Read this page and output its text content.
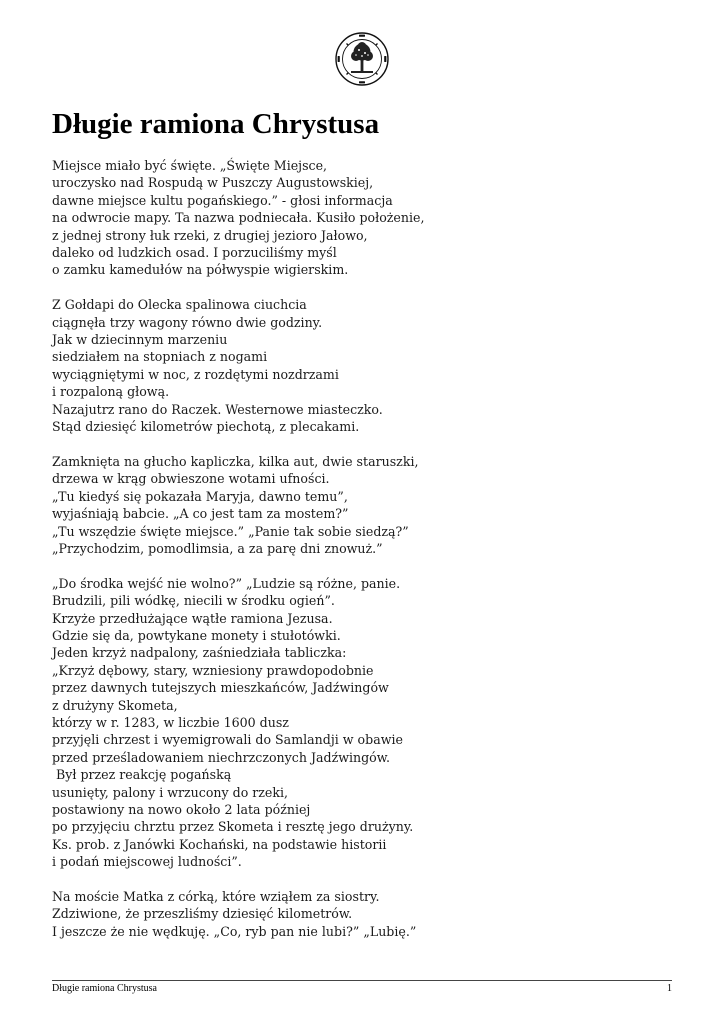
Długie ramiona Chrystusa
Miejsce miało być święte. „Święte Miejsce,
uroczysko nad Rospudą w Puszczy Augustowskiej,
dawne miejsce kultu pogańskiego.” - głosi informacja
na odwrocie mapy. Ta nazwa podniecała. Kusiło położenie,
z jednej strony łuk rzeki, z drugiej jezioro Jałowo,
daleko od ludzkich osad. I porzuciliśmy myśl
o zamku kamedułów na półwyspie wigierskim.
Z Gołdapi do Olecka spalinowa ciuchcia
ciągnęła trzy wagony równo dwie godziny.
Jak w dziecinnym marzeniu
siedziałem na stopniach z nogami
wyciągniętymi w noc, z rozdętymi nozdrzami
i rozpaloną głową.
Nazajutrz rano do Raczek. Westernowe miasteczko.
Stąd dziesięć kilometrów piechotą, z plecakami.
Zamknięta na głucho kapliczka, kilka aut, dwie staruszki,
drzewa w krąg obwieszone wotami ufności.
„Tu kiedyś się pokazała Maryja, dawno temu”,
wyjaśniają babcie. „A co jest tam za mostem?”
„Tu wszędzie święte miejsce.” „Panie tak sobie siedzą?”
„Przychodzim, pomodlimsia, a za parę dni znowuż.”
„Do środka wejść nie wolno?” „Ludzie są różne, panie.
Brudzili, pili wódkę, niecili w środku ogień”.
Krzyże przedłużające wątłe ramiona Jezusa.
Gdzie się da, powtykane monety i stułotówki.
Jeden krzyż nadpalony, zaśniedziała tabliczka:
„Krzyż dębowy, stary, wzniesiony prawdopodobnie
przez dawnych tutejszych mieszkańców, Jadźwingów
z drużyny Skometa,
którzy w r. 1283, w liczbie 1600 dusz
przyjęli chrzest i wyemigrowali do Samlandji w obawie
przed prześladowaniem niechrzczonych Jadźwingów.
Był przez reakcję pogańską
usunięty, palony i wrzucony do rzeki,
postawiony na nowo około 2 lata później
po przyjęciu chrztu przez Skometa i resztę jego drużyny.
Ks. prob. z Janówki Kochański, na podstawie historii
i podań miejscowej ludności”.
Na moście Matka z córką, które wziąłem za siostry.
Zdziwione, że przeszliśmy dziesięć kilometrów.
I jeszcze że nie wędkuję. „Co, ryb pan nie lubi?” „Lubię.”
Długie ramiona Chrystusa	1
